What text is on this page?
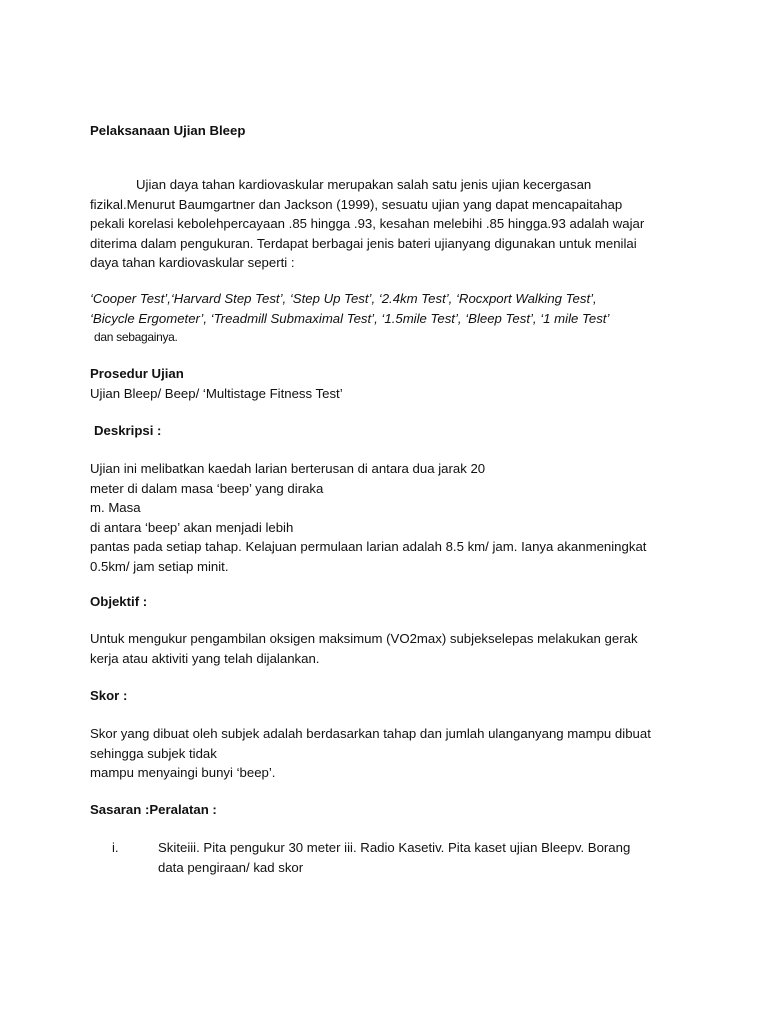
Pelaksanaan Ujian Bleep
Ujian daya tahan kardiovaskular merupakan salah satu jenis ujian kecergasan
fizikal.Menurut Baumgartner dan Jackson (1999), sesuatu ujian yang dapat mencapaitahap
pekali korelasi kebolehpercayaan .85 hingga .93, kesahan melebihi .85 hingga.93 adalah wajar
diterima dalam pengukuran. Terdapat berbagai jenis bateri ujianyang digunakan untuk menilai
daya tahan kardiovaskular seperti :
‘Cooper Test’,‘Harvard Step Test’, ‘Step Up Test’, ‘2.4km Test’, ‘Rocxport Walking Test’,
‘Bicycle Ergometer’, ‘Treadmill Submaximal Test’, ‘1.5mile Test’, ‘Bleep Test’, ‘1 mile Test’
dan sebagainya.
Prosedur Ujian
Ujian Bleep/ Beep/ ‘Multistage Fitness Test’
Deskripsi :
Ujian ini melibatkan kaedah larian berterusan di antara dua jarak 20
meter di dalam masa ‘beep’ yang diraka
m. Masa
di antara ‘beep’ akan menjadi lebih
pantas pada setiap tahap. Kelajuan permulaan larian adalah 8.5 km/ jam. Ianya akanmeningkat
0.5km/ jam setiap minit.
Objektif :
Untuk mengukur pengambilan oksigen maksimum (VO2max) subjekselepas melakukan gerak
kerja atau aktiviti yang telah dijalankan.
Skor :
Skor yang dibuat oleh subjek adalah berdasarkan tahap dan jumlah ulanganyang mampu dibuat
sehingga subjek tidak
mampu menyaingi bunyi ‘beep’.
Sasaran :Peralatan :
i.	Skiteiii. Pita pengukur 30 meter iii. Radio Kasetiv. Pita kaset ujian Bleepv. Borang
data pengiraan/ kad skor
